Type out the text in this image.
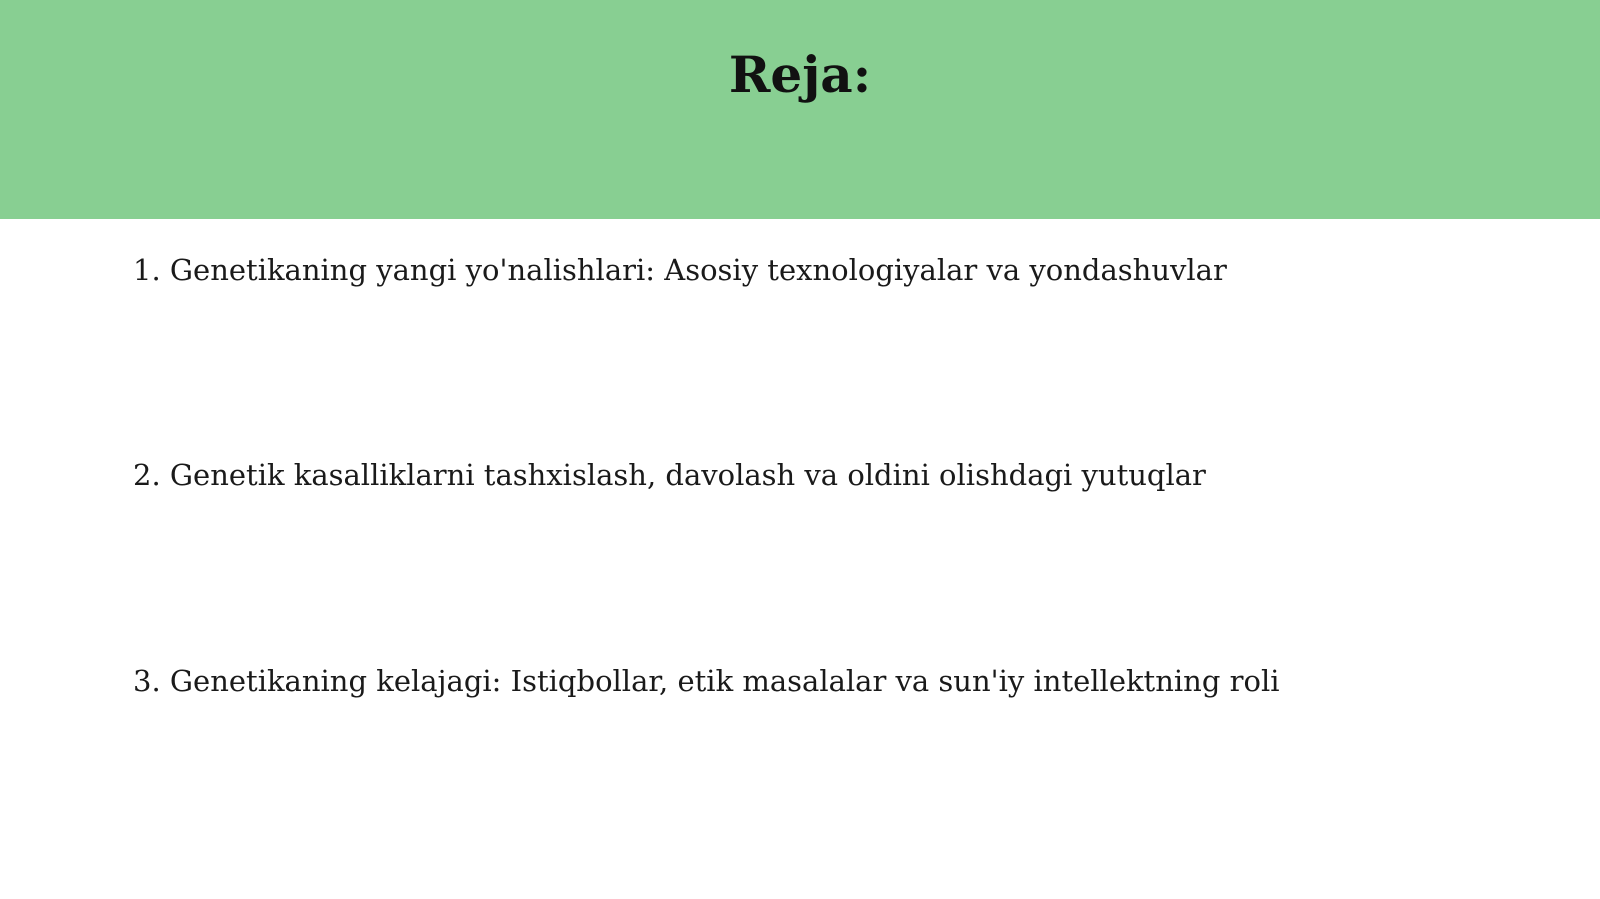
Reja:
1. Genetikaning yangi yo'nalishlari: Asosiy texnologiyalar va yondashuvlar
2. Genetik kasalliklarni tashxislash, davolash va oldini olishdagi yutuqlar
3. Genetikaning kelajagi: Istiqbollar, etik masalalar va sun'iy intellektning roli
